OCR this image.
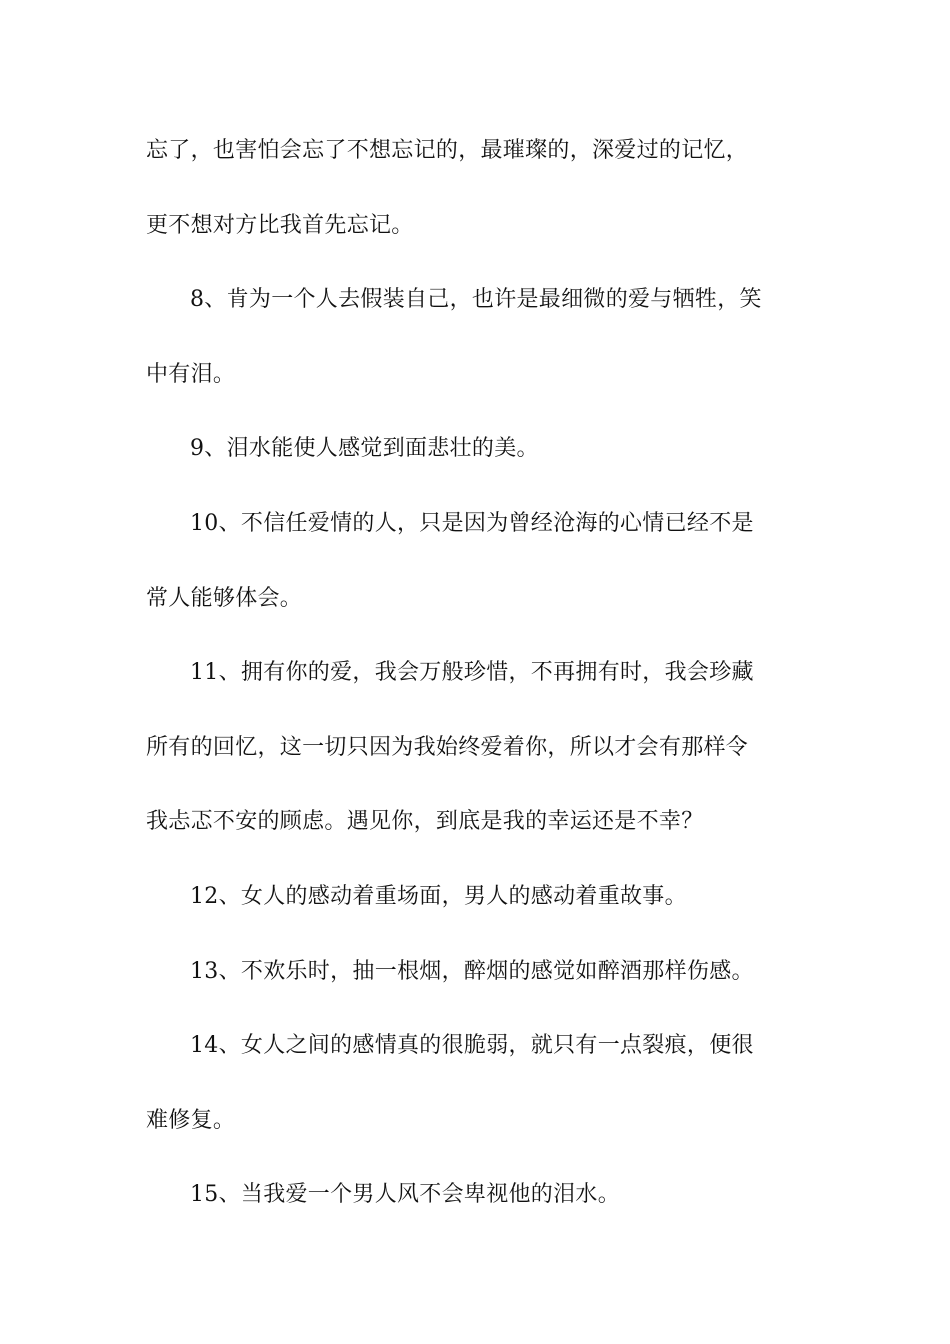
忘了，也害怕会忘了不想忘记的，最璀璨的，深爱过的记忆，
更不想对方比我首先忘记。
8、肯为一个人去假装自己，也许是最细微的爱与牺牲，笑
中有泪。
9、泪水能使人感觉到面悲壮的美。
10、不信任爱情的人，只是因为曾经沧海的心情已经不是
常人能够体会。
11、拥有你的爱，我会万般珍惜，不再拥有时，我会珍藏
所有的回忆，这一切只因为我始终爱着你，所以才会有那样令
我忐忑不安的顾虑。遇见你，到底是我的幸运还是不幸？
12、女人的感动着重场面，男人的感动着重故事。
13、不欢乐时，抽一根烟，醉烟的感觉如醉酒那样伤感。
14、女人之间的感情真的很脆弱，就只有一点裂痕，便很
难修复。
15、当我爱一个男人风不会卑视他的泪水。
